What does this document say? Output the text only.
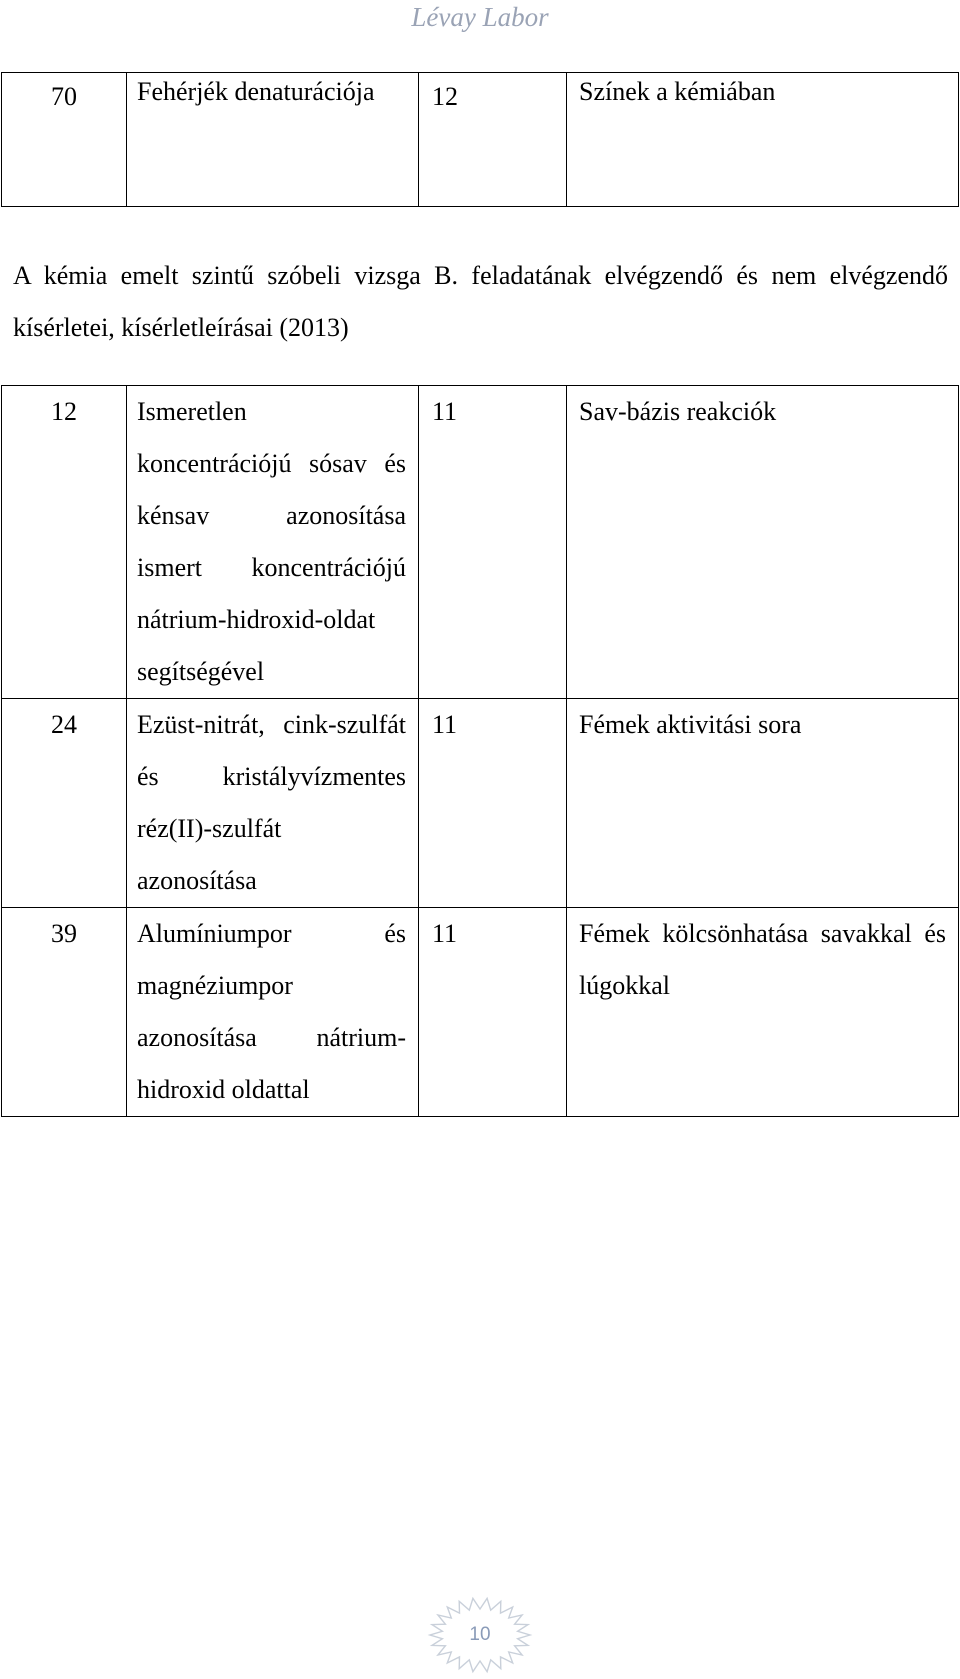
Lévay Labor
70	Fehérjék denaturációja	12	Színek a kémiában
A kémia emelt szintű szóbeli vizsga B. feladatának elvégzendő és nem elvégzendő kísérletei, kísérletleírásai (2013)
12	Ismeretlen koncentrációjú sósav és kénsav azonosítása ismert koncentrációjú nátrium-hidroxid-oldat segítségével	11	Sav-bázis reakciók
24	Ezüst-nitrát, cink-szulfát és kristályvízmentes réz(II)-szulfát azonosítása	11	Fémek aktivitási sora
39	Alumíniumpor és magnéziumpor azonosítása nátrium-hidroxid oldattal	11	Fémek kölcsönhatása savakkal és lúgokkal
10
